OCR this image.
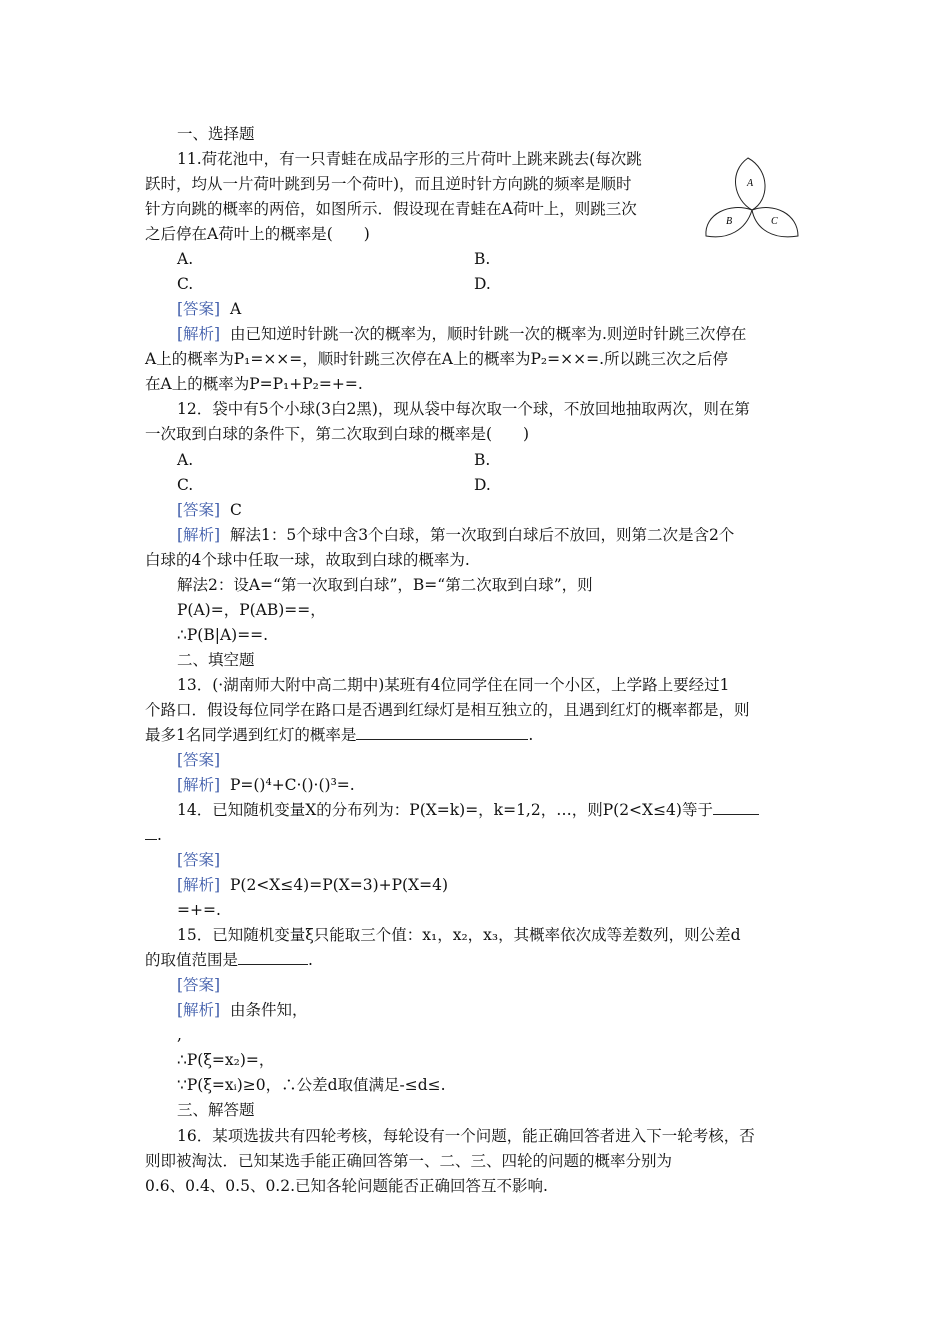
一、选择题
11.荷花池中，有一只青蛙在成品字形的三片荷叶上跳来跳去(每次跳
跃时，均从一片荷叶跳到另一个荷叶)，而且逆时针方向跳的频率是顺时
针方向跳的概率的两倍，如图所示．假设现在青蛙在A荷叶上，则跳三次
之后停在A荷叶上的概率是(　　)
A
B	C
A.	B.
C.	D.
[答案] A
[解析] 由已知逆时针跳一次的概率为，顺时针跳一次的概率为.则逆时针跳三次停在
A上的概率为P₁=××=，顺时针跳三次停在A上的概率为P₂=××=.所以跳三次之后停
在A上的概率为P=P₁+P₂=+=.
12．袋中有5个小球(3白2黑)，现从袋中每次取一个球，不放回地抽取两次，则在第
一次取到白球的条件下，第二次取到白球的概率是(　　)
A.	B.
C.	D.
[答案] C
[解析] 解法1：5个球中含3个白球，第一次取到白球后不放回，则第二次是含2个
白球的4个球中任取一球，故取到白球的概率为.
解法2：设A=“第一次取到白球”，B=“第二次取到白球”，则
P(A)=，P(AB)==，
∴P(B|A)==.
二、填空题
13．(·湖南师大附中高二期中)某班有4位同学住在同一个小区，上学路上要经过1
个路口．假设每位同学在路口是否遇到红绿灯是相互独立的，且遇到红灯的概率都是，则
最多1名同学遇到红灯的概率是	.
[答案]
[解析] P=()⁴+C·()·()³=.
14．已知随机变量X的分布列为：P(X=k)=，k=1,2，…，则P(2<X≤4)等于
.
[答案]
[解析] P(2<X≤4)=P(X=3)+P(X=4)
=+=.
15．已知随机变量ξ只能取三个值：x₁，x₂，x₃，其概率依次成等差数列，则公差d
的取值范围是	.
[答案]
[解析] 由条件知，
,
∴P(ξ=x₂)=，
∵P(ξ=xᵢ)≥0，∴公差d取值满足-≤d≤.
三、解答题
16．某项选拔共有四轮考核，每轮设有一个问题，能正确回答者进入下一轮考核，否
则即被淘汰．已知某选手能正确回答第一、二、三、四轮的问题的概率分别为
0.6、0.4、0.5、0.2.已知各轮问题能否正确回答互不影响.
